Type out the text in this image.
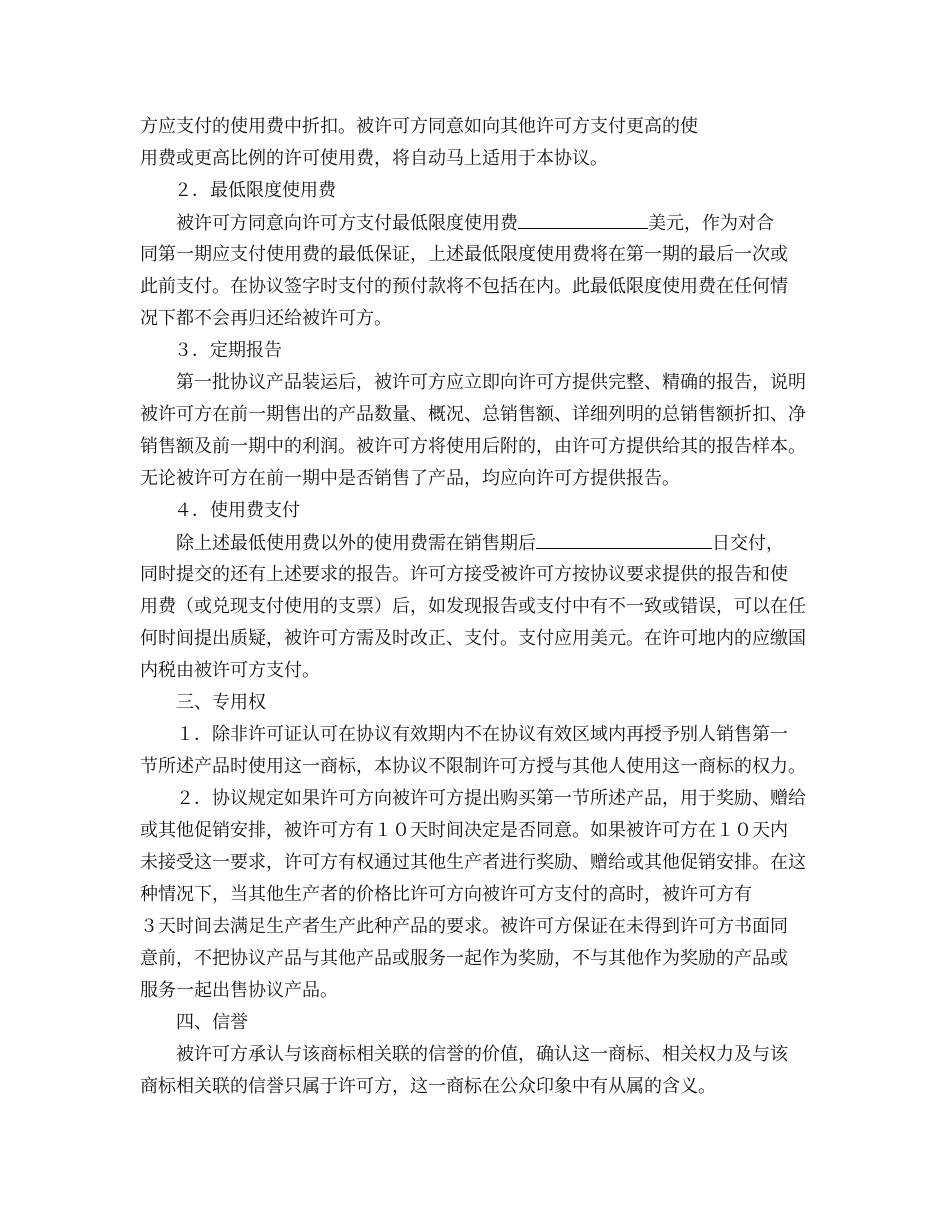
方应支付的使用费中折扣。被许可方同意如向其他许可方支付更高的使
用费或更高比例的许可使用费，将自动马上适用于本协议。
２．最低限度使用费
被许可方同意向许可方支付最低限度使用费	美元，作为对合
同第一期应支付使用费的最低保证，上述最低限度使用费将在第一期的最后一次或
此前支付。在协议签字时支付的预付款将不包括在内。此最低限度使用费在任何情
况下都不会再归还给被许可方。
３．定期报告
第一批协议产品装运后，被许可方应立即向许可方提供完整、精确的报告，说明
被许可方在前一期售出的产品数量、概况、总销售额、详细列明的总销售额折扣、净
销售额及前一期中的利润。被许可方将使用后附的，由许可方提供给其的报告样本。
无论被许可方在前一期中是否销售了产品，均应向许可方提供报告。
４．使用费支付
除上述最低使用费以外的使用费需在销售期后	日交付，
同时提交的还有上述要求的报告。许可方接受被许可方按协议要求提供的报告和使
用费（或兑现支付使用的支票）后，如发现报告或支付中有不一致或错误，可以在任
何时间提出质疑，被许可方需及时改正、支付。支付应用美元。在许可地内的应缴国
内税由被许可方支付。
三、专用权
１．除非许可证认可在协议有效期内不在协议有效区域内再授予别人销售第一
节所述产品时使用这一商标，本协议不限制许可方授与其他人使用这一商标的权力。
２．协议规定如果许可方向被许可方提出购买第一节所述产品，用于奖励、赠给
或其他促销安排，被许可方有１０天时间决定是否同意。如果被许可方在１０天内
未接受这一要求，许可方有权通过其他生产者进行奖励、赠给或其他促销安排。在这
种情况下，当其他生产者的价格比许可方向被许可方支付的高时，被许可方有
３天时间去满足生产者生产此种产品的要求。被许可方保证在未得到许可方书面同
意前，不把协议产品与其他产品或服务一起作为奖励，不与其他作为奖励的产品或
服务一起出售协议产品。
四、信誉
被许可方承认与该商标相关联的信誉的价值，确认这一商标、相关权力及与该
商标相关联的信誉只属于许可方，这一商标在公众印象中有从属的含义。
